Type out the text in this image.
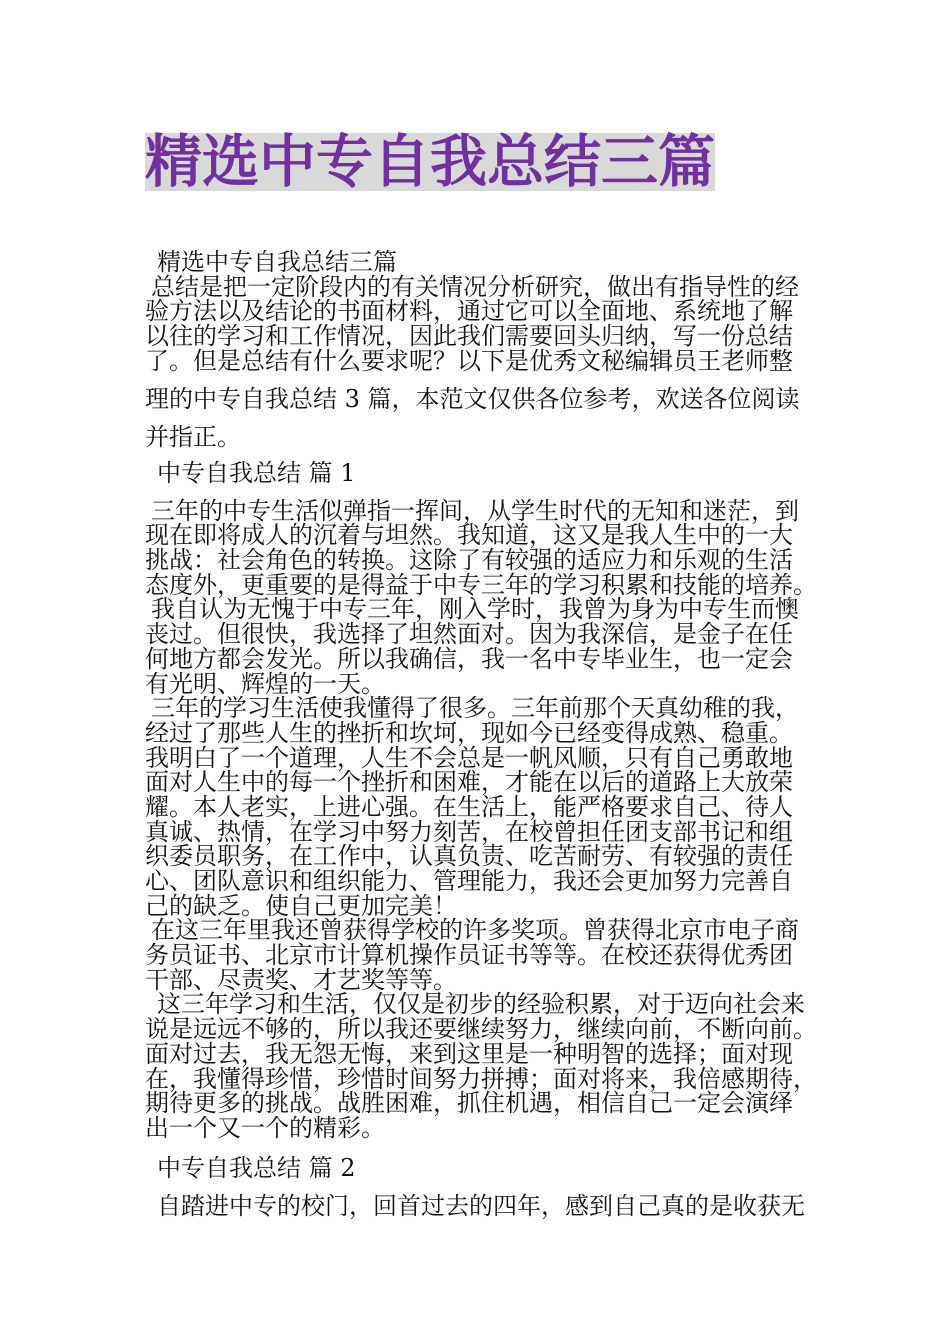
精选中专自我总结三篇
精选中专自我总结三篇
总结是把一定阶段内的有关情况分析研究，做出有指导性的经
验方法以及结论的书面材料，通过它可以全面地、系统地了解
以往的学习和工作情况，因此我们需要回头归纳，写一份总结
了。但是总结有什么要求呢？以下是优秀文秘编辑员王老师整
理的中专自我总结 3 篇，本范文仅供各位参考，欢送各位阅读
并指正。
中专自我总结 篇 1
三年的中专生活似弹指一挥间，从学生时代的无知和迷茫，到
现在即将成人的沉着与坦然。我知道，这又是我人生中的一大
挑战：社会角色的转换。这除了有较强的适应力和乐观的生活
态度外，更重要的是得益于中专三年的学习积累和技能的培养。
我自认为无愧于中专三年，刚入学时，我曾为身为中专生而懊
丧过。但很快，我选择了坦然面对。因为我深信，是金子在任
何地方都会发光。所以我确信，我一名中专毕业生，也一定会
有光明、辉煌的一天。
三年的学习生活使我懂得了很多。三年前那个天真幼稚的我，
经过了那些人生的挫折和坎坷，现如今已经变得成熟、稳重。
我明白了一个道理，人生不会总是一帆风顺，只有自己勇敢地
面对人生中的每一个挫折和困难，才能在以后的道路上大放荣
耀。本人老实，上进心强。在生活上，能严格要求自己、待人
真诚、热情，在学习中努力刻苦，在校曾担任团支部书记和组
织委员职务，在工作中，认真负责、吃苦耐劳、有较强的责任
心、团队意识和组织能力、管理能力，我还会更加努力完善自
己的缺乏。使自己更加完美！
在这三年里我还曾获得学校的许多奖项。曾获得北京市电子商
务员证书、北京市计算机操作员证书等等。在校还获得优秀团
干部、尽责奖、才艺奖等等。
这三年学习和生活，仅仅是初步的经验积累，对于迈向社会来
说是远远不够的，所以我还要继续努力，继续向前，不断向前。
面对过去，我无怨无悔，来到这里是一种明智的选择；面对现
在，我懂得珍惜，珍惜时间努力拼搏；面对将来，我倍感期待，
期待更多的挑战。战胜困难，抓住机遇，相信自己一定会演绎
出一个又一个的精彩。
中专自我总结 篇 2
自踏进中专的校门，回首过去的四年，感到自己真的是收获无
